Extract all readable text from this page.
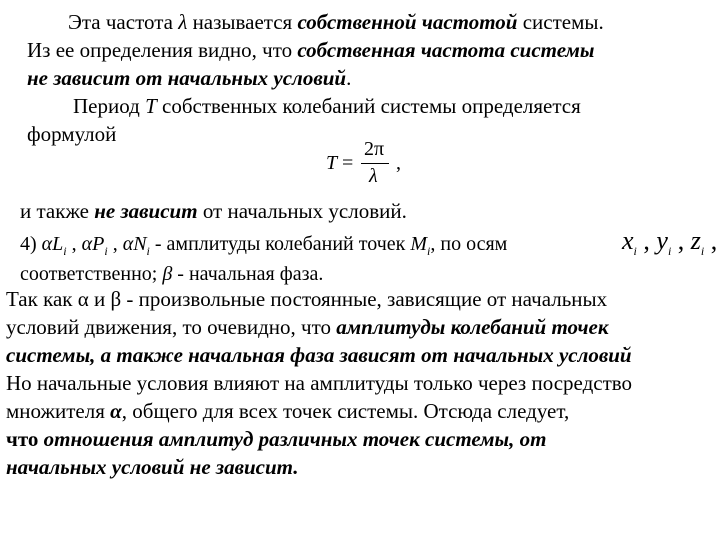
Эта частота λ называется собственной частотой системы.
Из ее определения видно, что собственная частота системы
не зависит от начальных условий.
Период T собственных колебаний системы определяется
формулой
T =
2π
λ
,
и также не зависит от начальных условий.
4) $\alpha L_i$ , $\alpha P_i$ , $\alpha N_i$ - амплитуды колебаний точек $M_i$, по осям	$x_i$ , $y_i$ , $z_i$ ,
соответственно; β - начальная фаза.
Так как α и β - произвольные постоянные, зависящие от начальных
условий движения, то очевидно, что амплитуды колебаний точек
системы, а также начальная фаза зависят от начальных условий
Но начальные условия влияют на амплитуды только через посредство
множителя α, общего для всех точек системы. Отсюда следует,
что отношения амплитуд различных точек системы, от
начальных условий не зависит.
